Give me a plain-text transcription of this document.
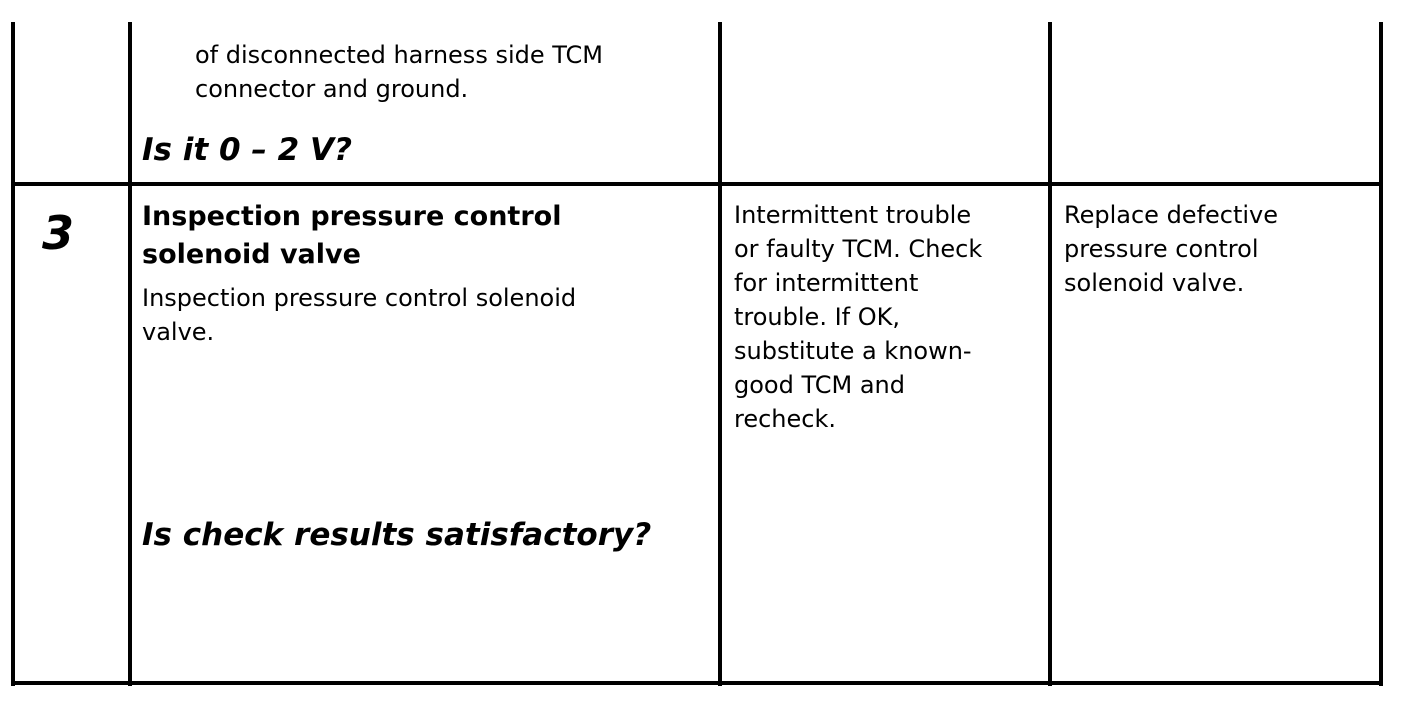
of disconnected harness side TCM

connector and ground.

Is it 0 – 2 V?

3	Inspection pressure control

solenoid valve

Inspection pressure control solenoid

valve.

Is check results satisfactory?

Intermittent trouble

or faulty TCM. Check

for intermittent

trouble. If OK,

substitute a known-

good TCM and

recheck.

Replace defective

pressure control

solenoid valve.
